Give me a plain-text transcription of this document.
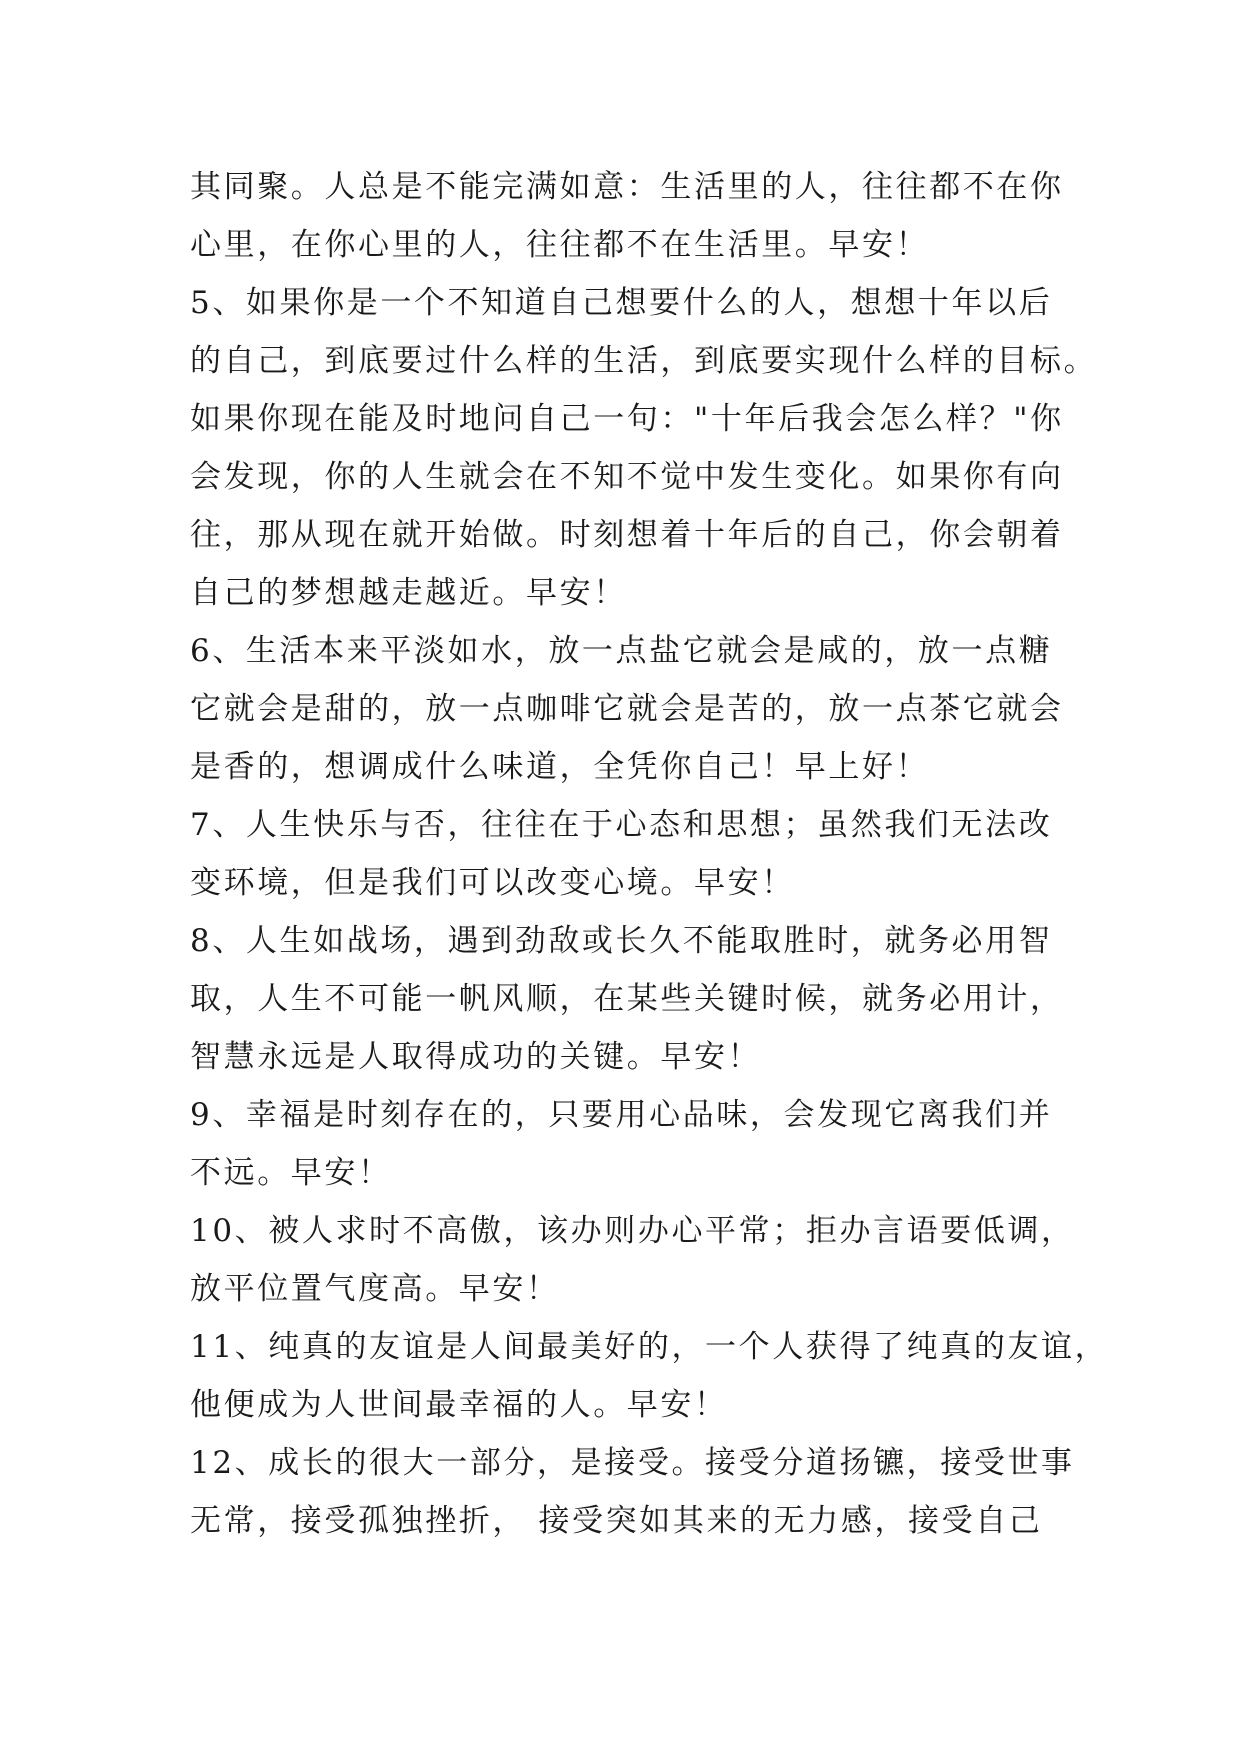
其同聚。人总是不能完满如意：生活里的人，往往都不在你
心里，在你心里的人，往往都不在生活里。早安！
5、如果你是一个不知道自己想要什么的人，想想十年以后
的自己，到底要过什么样的生活，到底要实现什么样的目标。
如果你现在能及时地问自己一句："十年后我会怎么样？"你
会发现，你的人生就会在不知不觉中发生变化。如果你有向
往，那从现在就开始做。时刻想着十年后的自己，你会朝着
自己的梦想越走越近。早安！
6、生活本来平淡如水，放一点盐它就会是咸的，放一点糖
它就会是甜的，放一点咖啡它就会是苦的，放一点茶它就会
是香的，想调成什么味道，全凭你自己！早上好！
7、人生快乐与否，往往在于心态和思想；虽然我们无法改
变环境，但是我们可以改变心境。早安！
8、人生如战场，遇到劲敌或长久不能取胜时，就务必用智
取，人生不可能一帆风顺，在某些关键时候，就务必用计，
智慧永远是人取得成功的关键。早安！
9、幸福是时刻存在的，只要用心品味，会发现它离我们并
不远。早安！
10、被人求时不高傲，该办则办心平常；拒办言语要低调，
放平位置气度高。早安！
11、纯真的友谊是人间最美好的，一个人获得了纯真的友谊，
他便成为人世间最幸福的人。早安！
12、成长的很大一部分，是接受。接受分道扬镳，接受世事
无常，接受孤独挫折， 接受突如其来的无力感，接受自己
